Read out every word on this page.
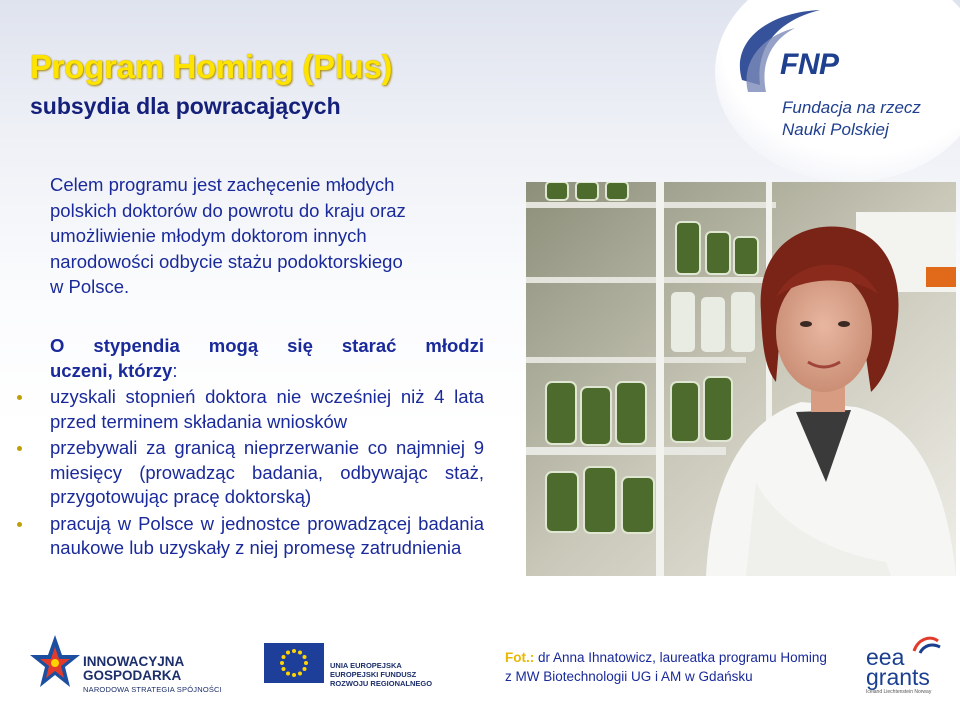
Program Homing (Plus)
subsydia dla powracających
FNP
Fundacja na rzecz
Nauki Polskiej
Celem programu jest zachęcenie młodych
polskich doktorów do powrotu do kraju oraz
umożliwienie młodym doktorom innych
narodowości odbycie stażu podoktorskiego
w Polsce.
O stypendia mogą się starać młodzi
uczeni, którzy:
uzyskali stopnień doktora nie wcześniej niż 4 lata przed terminem składania wniosków
przebywali za granicą nieprzerwanie co najmniej 9 miesięcy (prowadząc badania, odbywając staż, przygotowując pracę doktorską)
pracują w Polsce w jednostce prowadzącej badania naukowe lub uzyskały z niej promesę zatrudnienia
INNOWACYJNA
GOSPODARKA
NARODOWA STRATEGIA SPÓJNOŚCI
UNIA EUROPEJSKA
EUROPEJSKI FUNDUSZ
ROZWOJU REGIONALNEGO
Fot.: dr Anna Ihnatowicz, laureatka programu Homing
z MW Biotechnologii UG i AM w Gdańsku
eea
grants
Iceland Liechtenstein Norway
